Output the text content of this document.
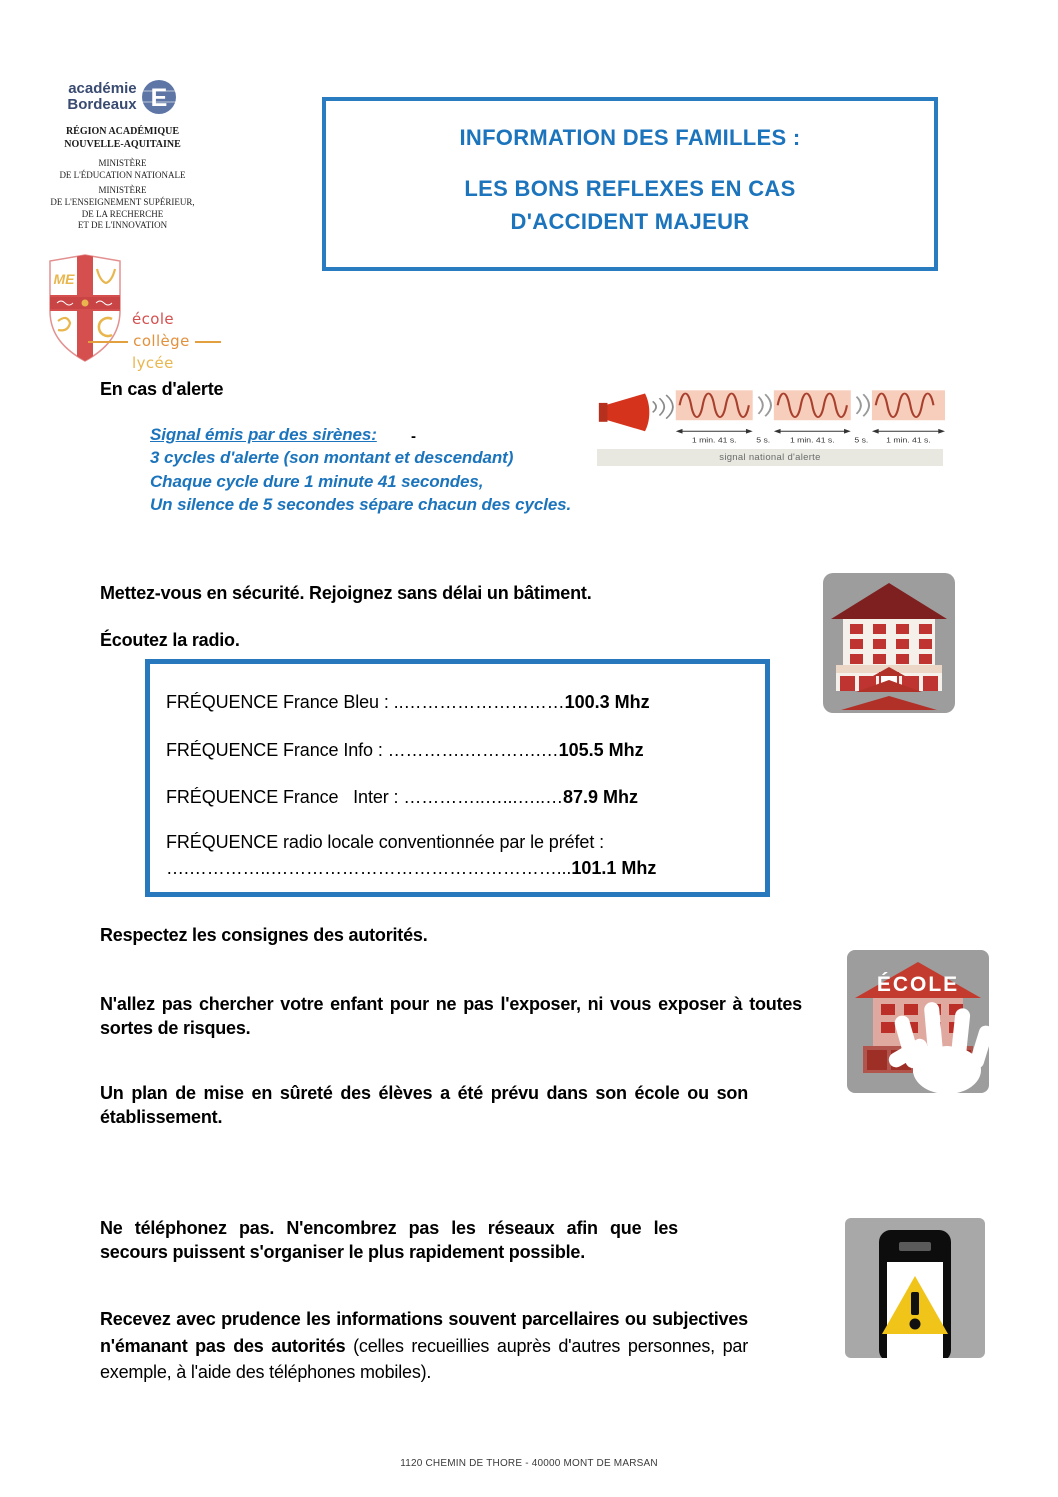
académie
Bordeaux E
RÉGION ACADÉMIQUE
NOUVELLE-AQUITAINE
MINISTÈRE
DE L'ÉDUCATION NATIONALE
MINISTÈRE
DE L'ENSEIGNEMENT SUPÉRIEUR,
DE LA RECHERCHE
ET DE L'INNOVATION
INFORMATION DES FAMILLES :
LES BONS REFLEXES EN CAS
D'ACCIDENT MAJEUR
ME
école
collège
lycée
En cas d'alerte
Signal émis par des sirènes:
3 cycles d'alerte (son montant et descendant)
Chaque cycle dure 1 minute 41 secondes,
Un silence de 5 secondes sépare chacun des cycles.
-	1 min. 41 s. 5 s. 1 min. 41 s. 5 s. 1 min. 41 s.
signal national d'alerte
Mettez-vous en sécurité. Rejoignez sans délai un bâtiment.
Écoutez la radio.
FRÉQUENCE France Bleu : ..………………………100.3 Mhz
FRÉQUENCE France Info : ………….………….…105.5 Mhz
FRÉQUENCE France   Inter : …………..…...…..…87.9 Mhz
FRÉQUENCE radio locale conventionnée par le préfet :
….…………..…………………………………………...101.1 Mhz
Respectez les consignes des autorités.
N'allez pas chercher votre enfant pour ne pas l'exposer, ni vous exposer à toutes sortes de risques.
ÉCOLE
Un plan de mise en sûreté des élèves a été prévu dans son école ou son établissement.
Ne téléphonez pas. N'encombrez pas les réseaux afin que les secours puissent s'organiser le plus rapidement possible.
Recevez avec prudence les informations souvent parcellaires ou subjectives n'émanant pas des autorités (celles recueillies auprès d'autres personnes, par exemple, à l'aide des téléphones mobiles).
1120 CHEMIN DE THORE - 40000 MONT DE MARSAN
